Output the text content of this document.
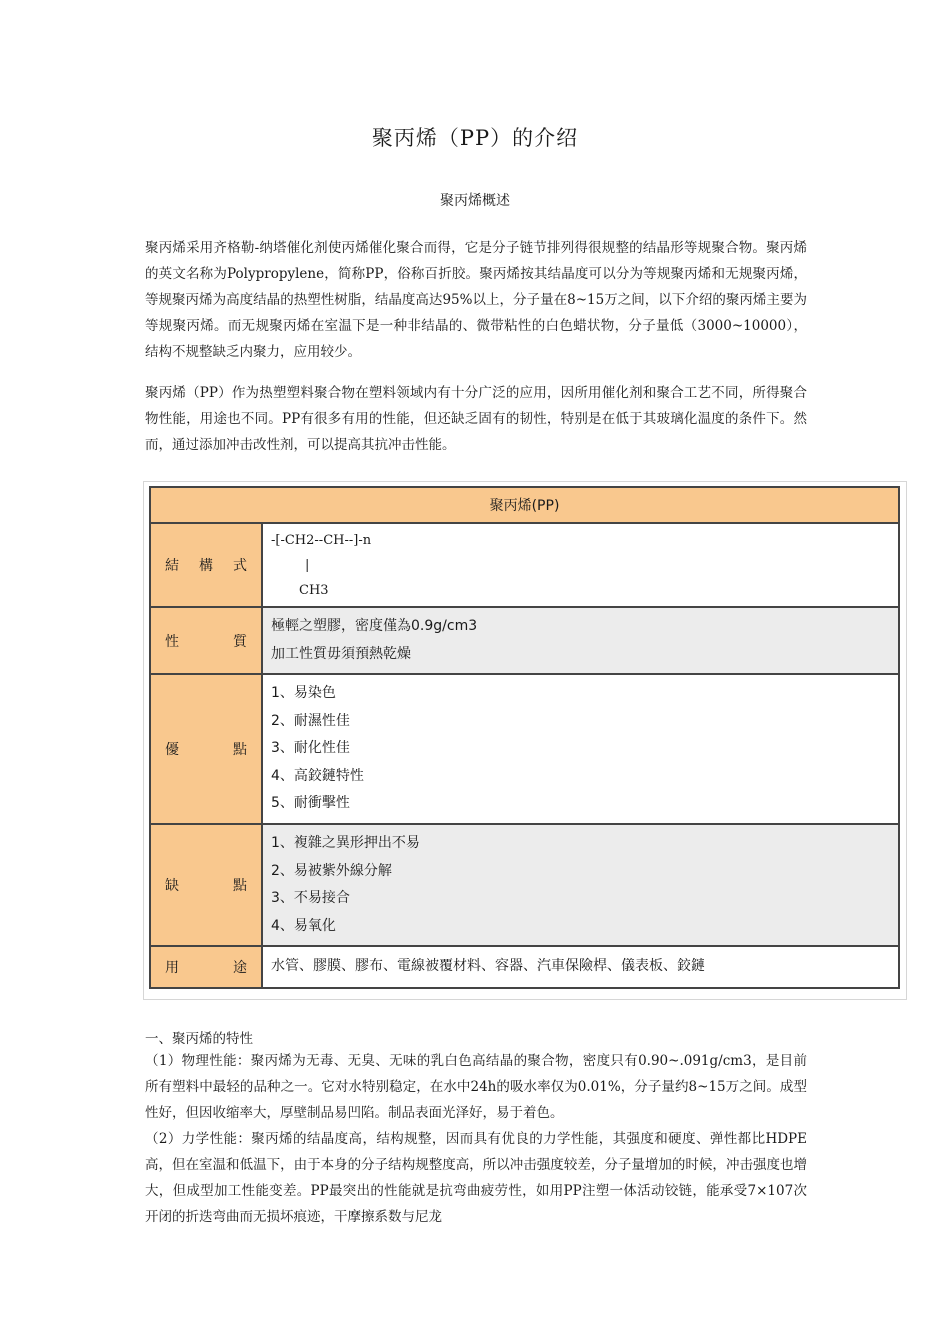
聚丙烯（PP）的介绍
聚丙烯概述

聚丙烯采用齐格勒-纳塔催化剂使丙烯催化聚合而得，它是分子链节排列得很规整的结晶形等规聚合物。聚丙烯的英文名称为Polypropylene，简称PP，俗称百折胶。聚丙烯按其结晶度可以分为等规聚丙烯和无规聚丙烯，等规聚丙烯为高度结晶的热塑性树脂，结晶度高达95%以上，分子量在8~15万之间，以下介绍的聚丙烯主要为等规聚丙烯。而无规聚丙烯在室温下是一种非结晶的、微带粘性的白色蜡状物，分子量低（3000~10000），结构不规整缺乏内聚力，应用较少。

聚丙烯（PP）作为热塑塑料聚合物在塑料领域内有十分广泛的应用，因所用催化剂和聚合工艺不同，所得聚合物性能，用途也不同。PP有很多有用的性能，但还缺乏固有的韧性，特别是在低于其玻璃化温度的条件下。然而，通过添加冲击改性剂，可以提高其抗冲击性能。

聚丙烯(PP)	

結 構 式	-[-CH2--CH--]-n
|
CH3

性 質	極輕之塑膠，密度僅為0.9g/cm3
加工性質毋須預熱乾燥

優 點	1、易染色
2、耐濕性佳
3、耐化性佳
4、高鉸鏈特性
5、耐衝擊性

缺 點	1、複雜之異形押出不易
2、易被紫外線分解
3、不易接合
4、易氧化

用 途	水管、膠膜、膠布、電線被覆材料、容器、汽車保險桿、儀表板、鉸鏈
一、聚丙烯的特性
（1）物理性能：聚丙烯为无毒、无臭、无味的乳白色高结晶的聚合物，密度只有0.90~.091g/cm3，是目前所有塑料中最轻的品种之一。它对水特别稳定，在水中24h的吸水率仅为0.01%，分子量约8~15万之间。成型性好，但因收缩率大，厚壁制品易凹陷。制品表面光泽好，易于着色。
（2）力学性能：聚丙烯的结晶度高，结构规整，因而具有优良的力学性能，其强度和硬度、弹性都比HDPE高，但在室温和低温下，由于本身的分子结构规整度高，所以冲击强度较差，分子量增加的时候，冲击强度也增大，但成型加工性能变差。PP最突出的性能就是抗弯曲疲劳性，如用PP注塑一体活动铰链，能承受7×107次开闭的折迭弯曲而无损坏痕迹，干摩擦系数与尼龙
